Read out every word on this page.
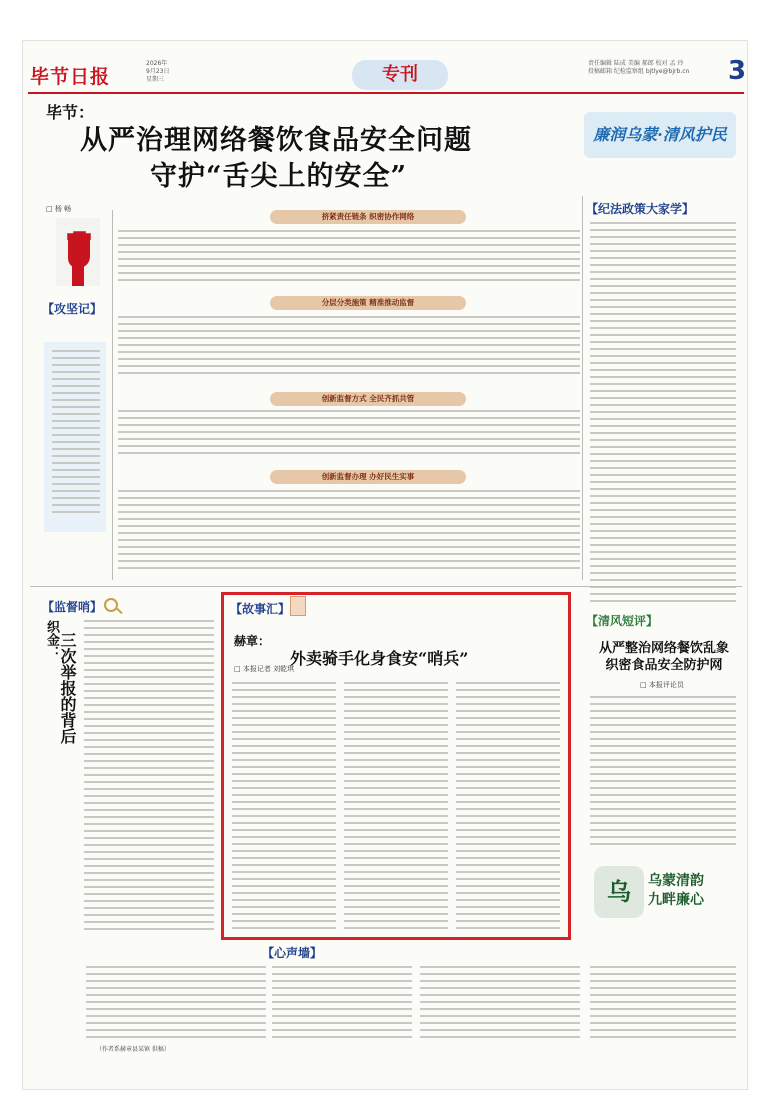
毕节日报
2026年
9月23日
星期三	专刊
责任编辑 陆成 美编 郝郎 校对 孟 玲
投稿邮箱 纪检监察组 bjtlye@bjrb.cn 3
毕节：
从严治理网络餐饮食品安全问题
守护“舌尖上的安全”
□ 杨 畅
廉润乌蒙·清风护民
【攻坚记】
【纪法政策大家学】
挤紧责任链条 织密协作网络
分层分类施策 精准推动监督
创新监督方式 全民齐抓共管
创新监督办理 办好民生实事
【监督哨】
织金： 三次举报的背后
【故事汇】
赫章：
外卖骑手化身食安“哨兵”
□ 本报记者 刘乾琪
【清风短评】
从严整治网络餐饮乱象
织密食品安全防护网
□ 本报评论员
乌	乌蒙清韵
九畔廉心
【心声墙】
（作者系赫章县某镇 供稿）
